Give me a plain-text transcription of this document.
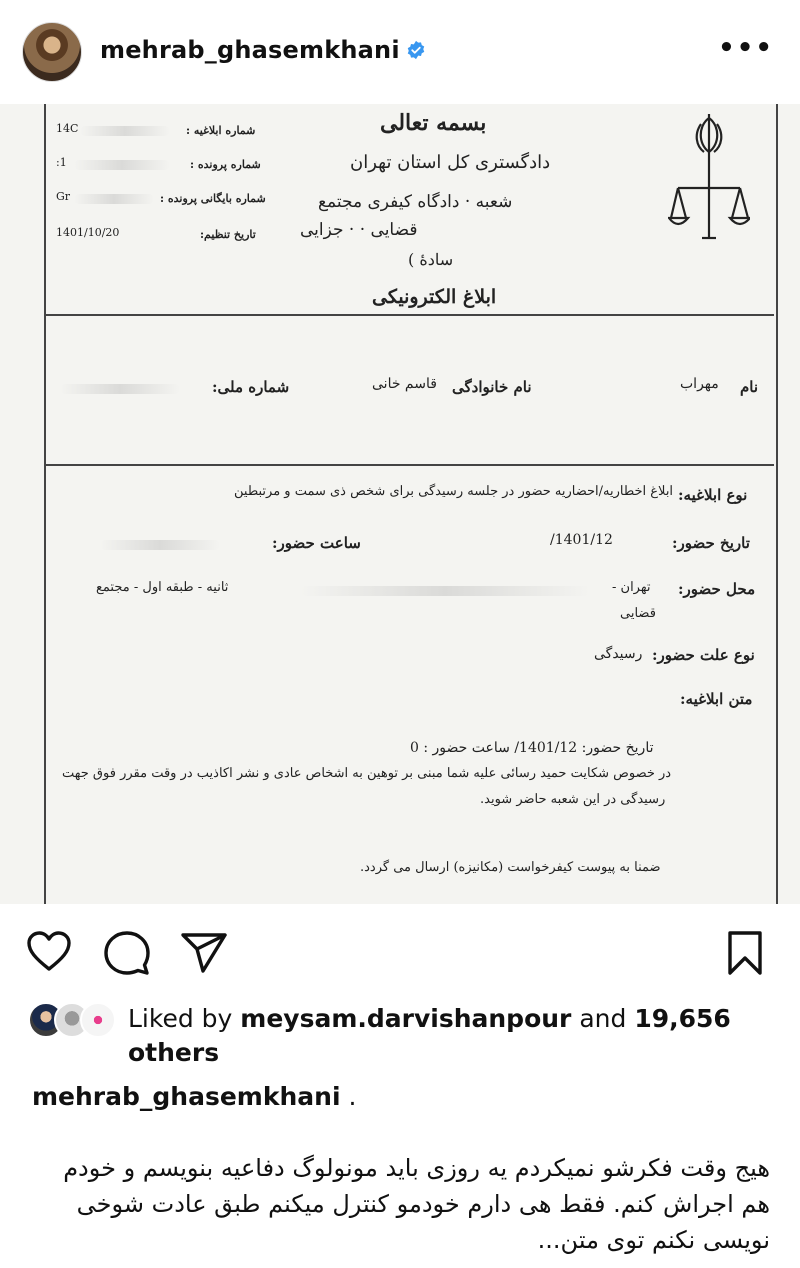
mehrab_ghasemkhani	•••
بسمه تعالی
دادگستری کل استان تهران
شعبه · دادگاه کیفری مجتمع
قضایی · · جزایی
سادهٔ )
شماره ابلاغیه :
14C
شماره پرونده :
1:
شماره بایگانی پرونده :
Gr
تاریخ تنظیم:
1401/10/20
ابلاغ الکترونیکی
نام
مهراب
نام خانوادگی
قاسم خانی
شماره ملی:
نوع ابلاغیه:
ابلاغ اخطاریه/احضاریه حضور در جلسه رسیدگی برای شخص ذی سمت و مرتبطین
تاریخ حضور:
1401/12/
ساعت حضور:
محل حضور:
تهران -
ثانیه - طبقه اول - مجتمع
قضایی
نوع علت حضور:
رسیدگی
متن ابلاغیه:
تاریخ حضور: 1401/12/ ساعت حضور : 0
در خصوص شکایت حمید رسائی علیه شما مبنی بر توهین به اشخاص عادی و نشر اکاذیب در وقت مقرر فوق جهت
رسیدگی در این شعبه حاضر شوید.
ضمنا به پیوست کیفرخواست (مکانیزه) ارسال می گردد.
Liked by meysam.darvishanpour and 19,656 others
mehrab_ghasemkhani .
هیج وقت فکرشو نمیکردم یه روزی باید مونولوگ دفاعیه بنویسم و خودم هم اجراش کنم. فقط هی دارم خودمو کنترل میکنم طبق عادت شوخی نویسی نکنم توی متن...
